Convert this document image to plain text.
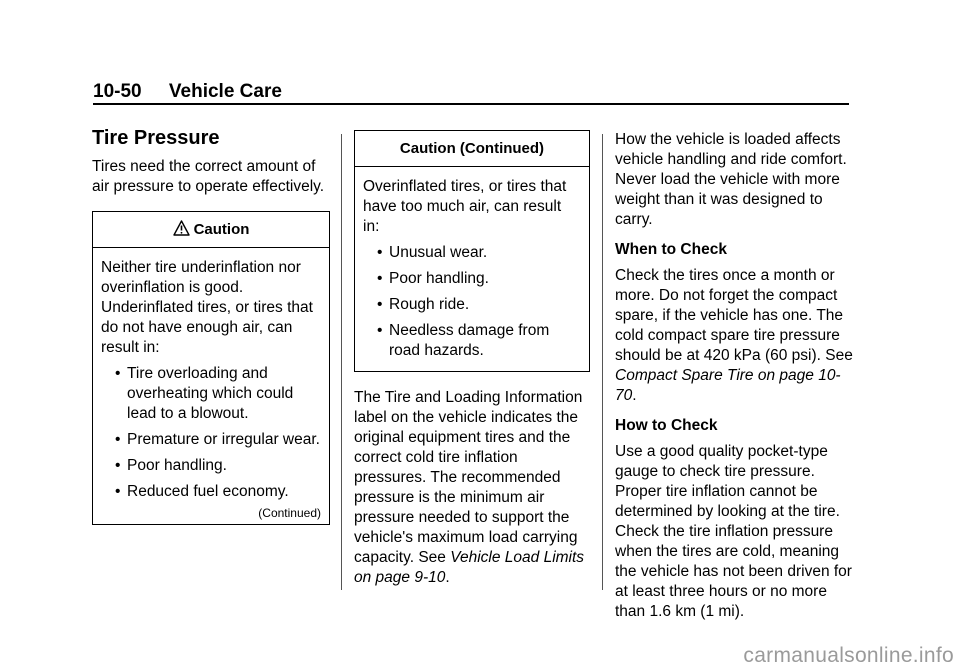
10-50 Vehicle Care
Tire Pressure

Tires need the correct amount of air pressure to operate effectively.

Caution

Neither tire underinflation nor overinflation is good. Underinflated tires, or tires that do not have enough air, can result in:

• Tire overloading and overheating which could lead to a blowout.
• Premature or irregular wear.
• Poor handling.
• Reduced fuel economy.
(Continued)
Caution (Continued)

Overinflated tires, or tires that have too much air, can result in:

• Unusual wear.
• Poor handling.
• Rough ride.
• Needless damage from road hazards.

The Tire and Loading Information label on the vehicle indicates the original equipment tires and the correct cold tire inflation pressures. The recommended pressure is the minimum air pressure needed to support the vehicle's maximum load carrying capacity. See Vehicle Load Limits on page 9-10.

How the vehicle is loaded affects vehicle handling and ride comfort. Never load the vehicle with more weight than it was designed to carry.

When to Check

Check the tires once a month or more. Do not forget the compact spare, if the vehicle has one. The cold compact spare tire pressure should be at 420 kPa (60 psi). See Compact Spare Tire on page 10-70.

How to Check

Use a good quality pocket-type gauge to check tire pressure. Proper tire inflation cannot be determined by looking at the tire. Check the tire inflation pressure when the tires are cold, meaning the vehicle has not been driven for at least three hours or no more than 1.6 km (1 mi).

carmanualsonline.info
